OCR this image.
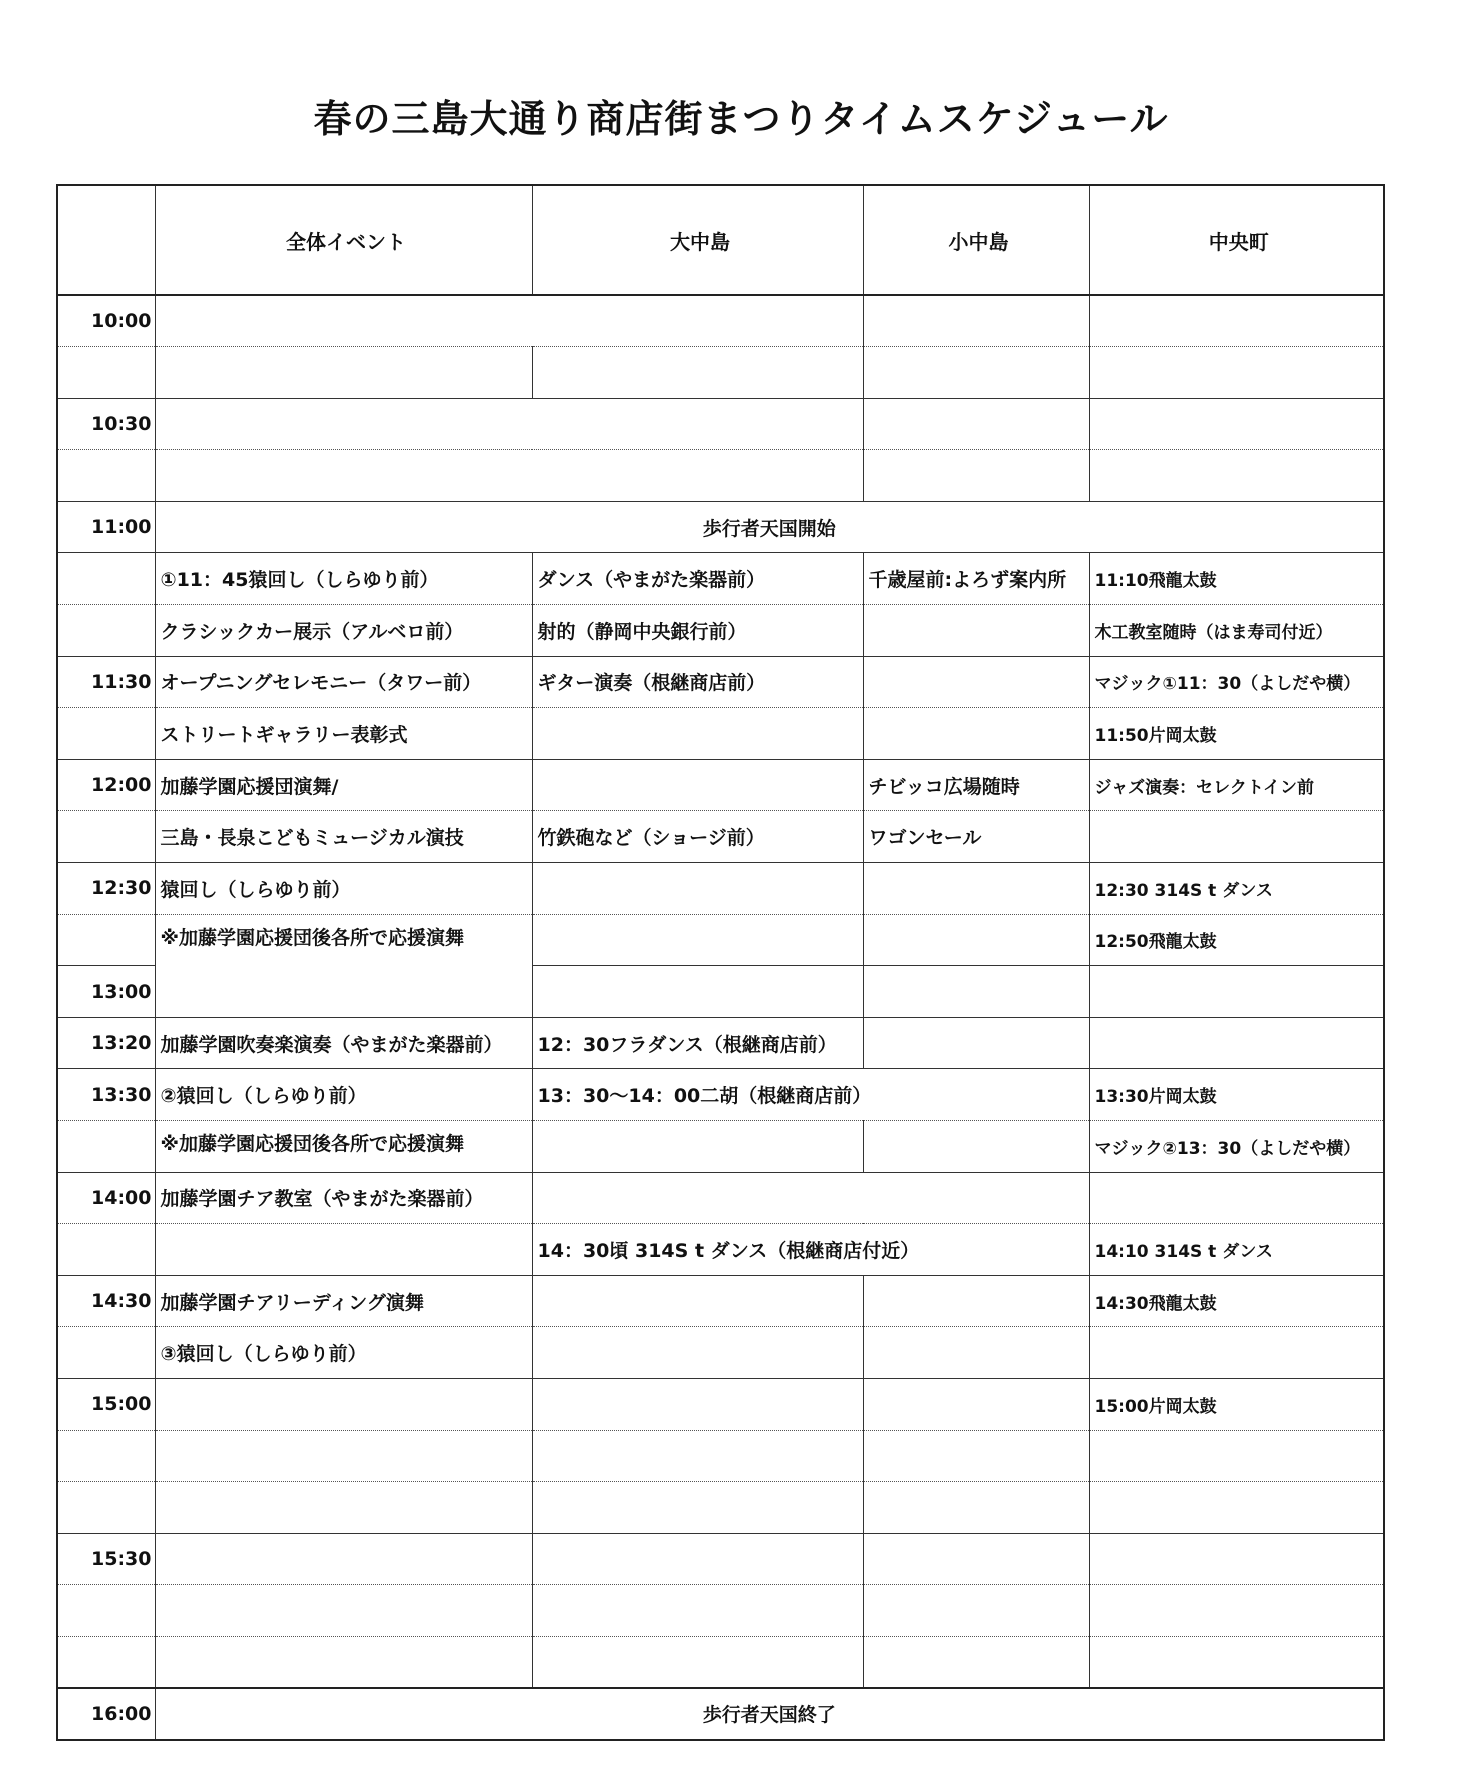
春の三島大通り商店街まつりタイムスケジュール
	全体イベント	大中島	小中島	中央町
10:00				

10:30				

11:00	歩行者天国開始			
	①11：45猿回し（しらゆり前）	ダンス（やまがた楽器前）	千歳屋前:よろず案内所	11:10飛龍太鼓
	クラシックカー展示（アルベロ前）	射的（静岡中央銀行前）		木工教室随時（はま寿司付近）
11:30	オープニングセレモニー（タワー前）	ギター演奏（根継商店前）		マジック①11：30（よしだや横）
	ストリートギャラリー表彰式			11:50片岡太鼓
12:00	加藤学園応援団演舞/		チビッコ広場随時	ジャズ演奏：セレクトイン前
	三島・長泉こどもミュージカル演技	竹鉄砲など（ショージ前）	ワゴンセール	
12:30	猿回し（しらゆり前）			12:30 314S t ダンス
	※加藤学園応援団後各所で応援演舞			12:50飛龍太鼓
13:00				
13:20	加藤学園吹奏楽演奏（やまがた楽器前）	12：30フラダンス（根継商店前）		
13:30	②猿回し（しらゆり前）	13：30〜14：00二胡（根継商店前）		13:30片岡太鼓
	※加藤学園応援団後各所で応援演舞			マジック②13：30（よしだや横）
14:00	加藤学園チア教室（やまがた楽器前）			
		14：30頃 314S t ダンス（根継商店付近）		14:10 314S t ダンス
14:30	加藤学園チアリーディング演舞			14:30飛龍太鼓
	③猿回し（しらゆり前）			
15:00				15:00片岡太鼓

15:30				

16:00	歩行者天国終了			
